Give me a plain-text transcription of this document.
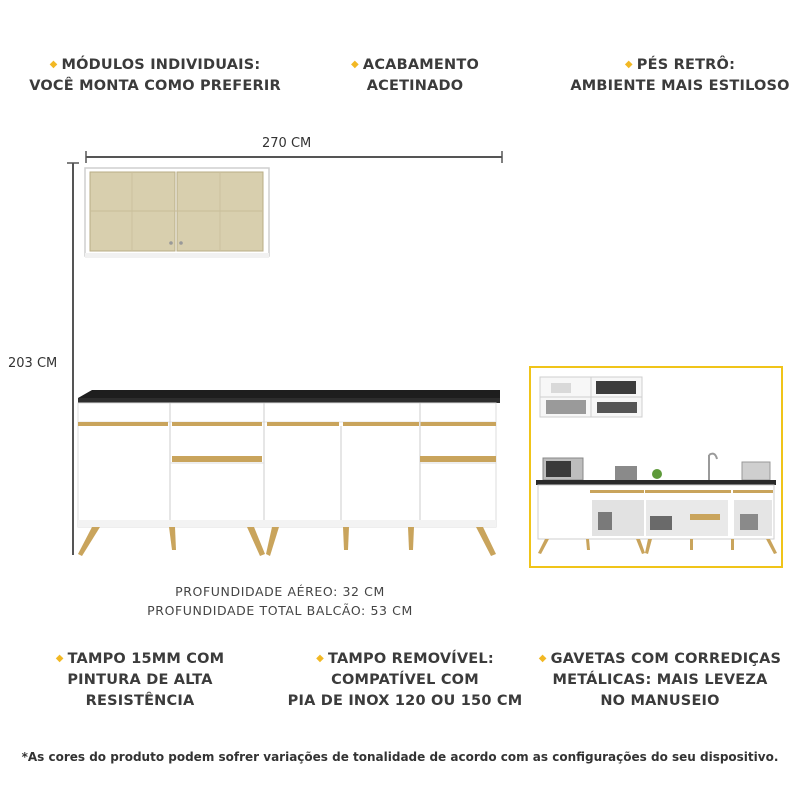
◆ MÓDULOS INDIVIDUAIS:
VOCÊ MONTA COMO PREFERIR
◆ ACABAMENTO
ACETINADO
◆ PÉS RETRÔ:
AMBIENTE MAIS ESTILOSO
270 CM
203 CM
PROFUNDIDADE AÉREO: 32 CM
PROFUNDIDADE TOTAL BALCÃO: 53 CM
◆ TAMPO 15MM COM
PINTURA DE ALTA
RESISTÊNCIA
◆ TAMPO REMOVÍVEL:
COMPATÍVEL COM
PIA DE INOX 120 OU 150 CM
◆ GAVETAS COM CORREDIÇAS
METÁLICAS: MAIS LEVEZA
NO MANUSEIO
*As cores do produto podem sofrer variações de tonalidade de acordo com as configurações do seu dispositivo.
